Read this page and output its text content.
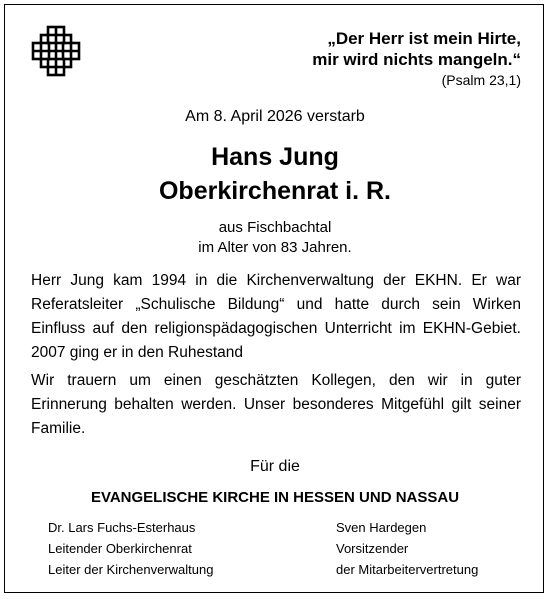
„Der Herr ist mein Hirte,
mir wird nichts mangeln.“
(Psalm 23,1)
Am 8. April 2026 verstarb
Hans Jung
Oberkirchenrat i. R.
aus Fischbachtal
im Alter von 83 Jahren.
Herr Jung kam 1994 in die Kirchenverwaltung der EKHN. Er war Referatsleiter „Schulische Bildung“ und hatte durch sein Wirken Einfluss auf den religionspädagogischen Unterricht im EKHN-Gebiet. 2007 ging er in den Ruhestand
Wir trauern um einen geschätzten Kollegen, den wir in guter Erinnerung behalten werden. Unser besonderes Mitgefühl gilt seiner Familie.
Für die
EVANGELISCHE KIRCHE IN HESSEN UND NASSAU
Dr. Lars Fuchs-Esterhaus
Leitender Oberkirchenrat
Leiter der Kirchenverwaltung
Sven Hardegen
Vorsitzender
der Mitarbeitervertretung
